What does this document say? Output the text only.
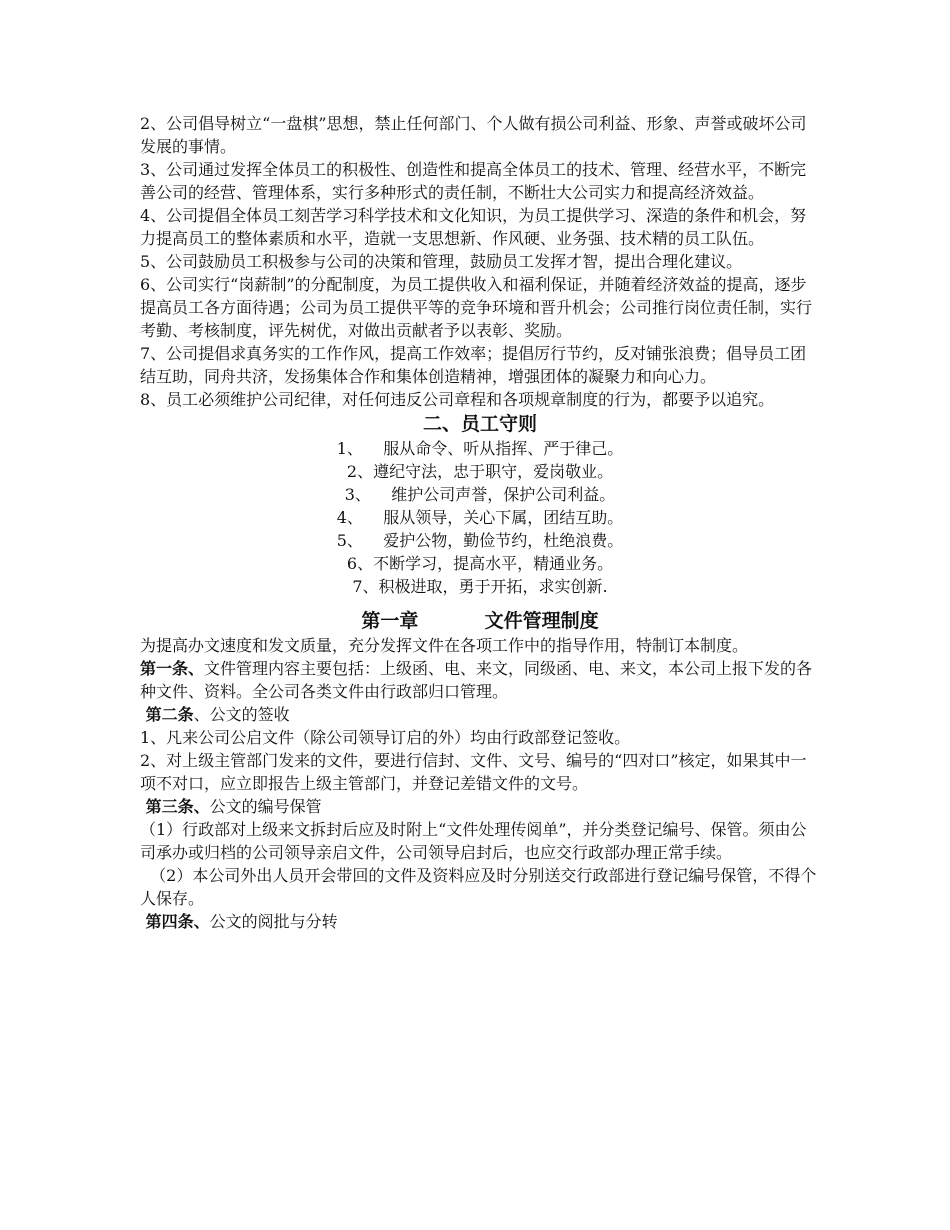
2、公司倡导树立“一盘棋”思想，禁止任何部门、个人做有损公司利益、形象、声誉或破坏公司发展的事情。

3、公司通过发挥全体员工的积极性、创造性和提高全体员工的技术、管理、经营水平，不断完善公司的经营、管理体系，实行多种形式的责任制，不断壮大公司实力和提高经济效益。

4、公司提倡全体员工刻苦学习科学技术和文化知识，为员工提供学习、深造的条件和机会，努力提高员工的整体素质和水平，造就一支思想新、作风硬、业务强、技术精的员工队伍。

5、公司鼓励员工积极参与公司的决策和管理，鼓励员工发挥才智，提出合理化建议。

6、公司实行“岗薪制”的分配制度，为员工提供收入和福利保证，并随着经济效益的提高，逐步提高员工各方面待遇；公司为员工提供平等的竞争环境和晋升机会；公司推行岗位责任制，实行考勤、考核制度，评先树优，对做出贡献者予以表彰、奖励。

7、公司提倡求真务实的工作作风，提高工作效率；提倡厉行节约，反对铺张浪费；倡导员工团结互助，同舟共济，发扬集体合作和集体创造精神，增强团体的凝聚力和向心力。

8、员工必须维护公司纪律，对任何违反公司章程和各项规章制度的行为，都要予以追究。

二、员工守则

1、    服从命令、听从指挥、严于律己。

2、遵纪守法，忠于职守，爱岗敬业。

3、    维护公司声誉，保护公司利益。

4、    服从领导，关心下属，团结互助。

5、    爱护公物，勤俭节约，杜绝浪费。

6、不断学习，提高水平，精通业务。

7、积极进取，勇于开拓，求实创新.

第一章          文件管理制度

为提高办文速度和发文质量，充分发挥文件在各项工作中的指导作用，特制订本制度。

第一条、文件管理内容主要包括：上级函、电、来文，同级函、电、来文，本公司上报下发的各种文件、资料。全公司各类文件由行政部归口管理。

第二条、公文的签收

1、凡来公司公启文件（除公司领导订启的外）均由行政部登记签收。

2、对上级主管部门发来的文件，要进行信封、文件、文号、编号的“四对口”核定，如果其中一项不对口，应立即报告上级主管部门，并登记差错文件的文号。

第三条、公文的编号保管

（1）行政部对上级来文拆封后应及时附上“文件处理传阅单”，并分类登记编号、保管。须由公司承办或归档的公司领导亲启文件，公司领导启封后，也应交行政部办理正常手续。

（2）本公司外出人员开会带回的文件及资料应及时分别送交行政部进行登记编号保管，不得个人保存。

第四条、公文的阅批与分转
